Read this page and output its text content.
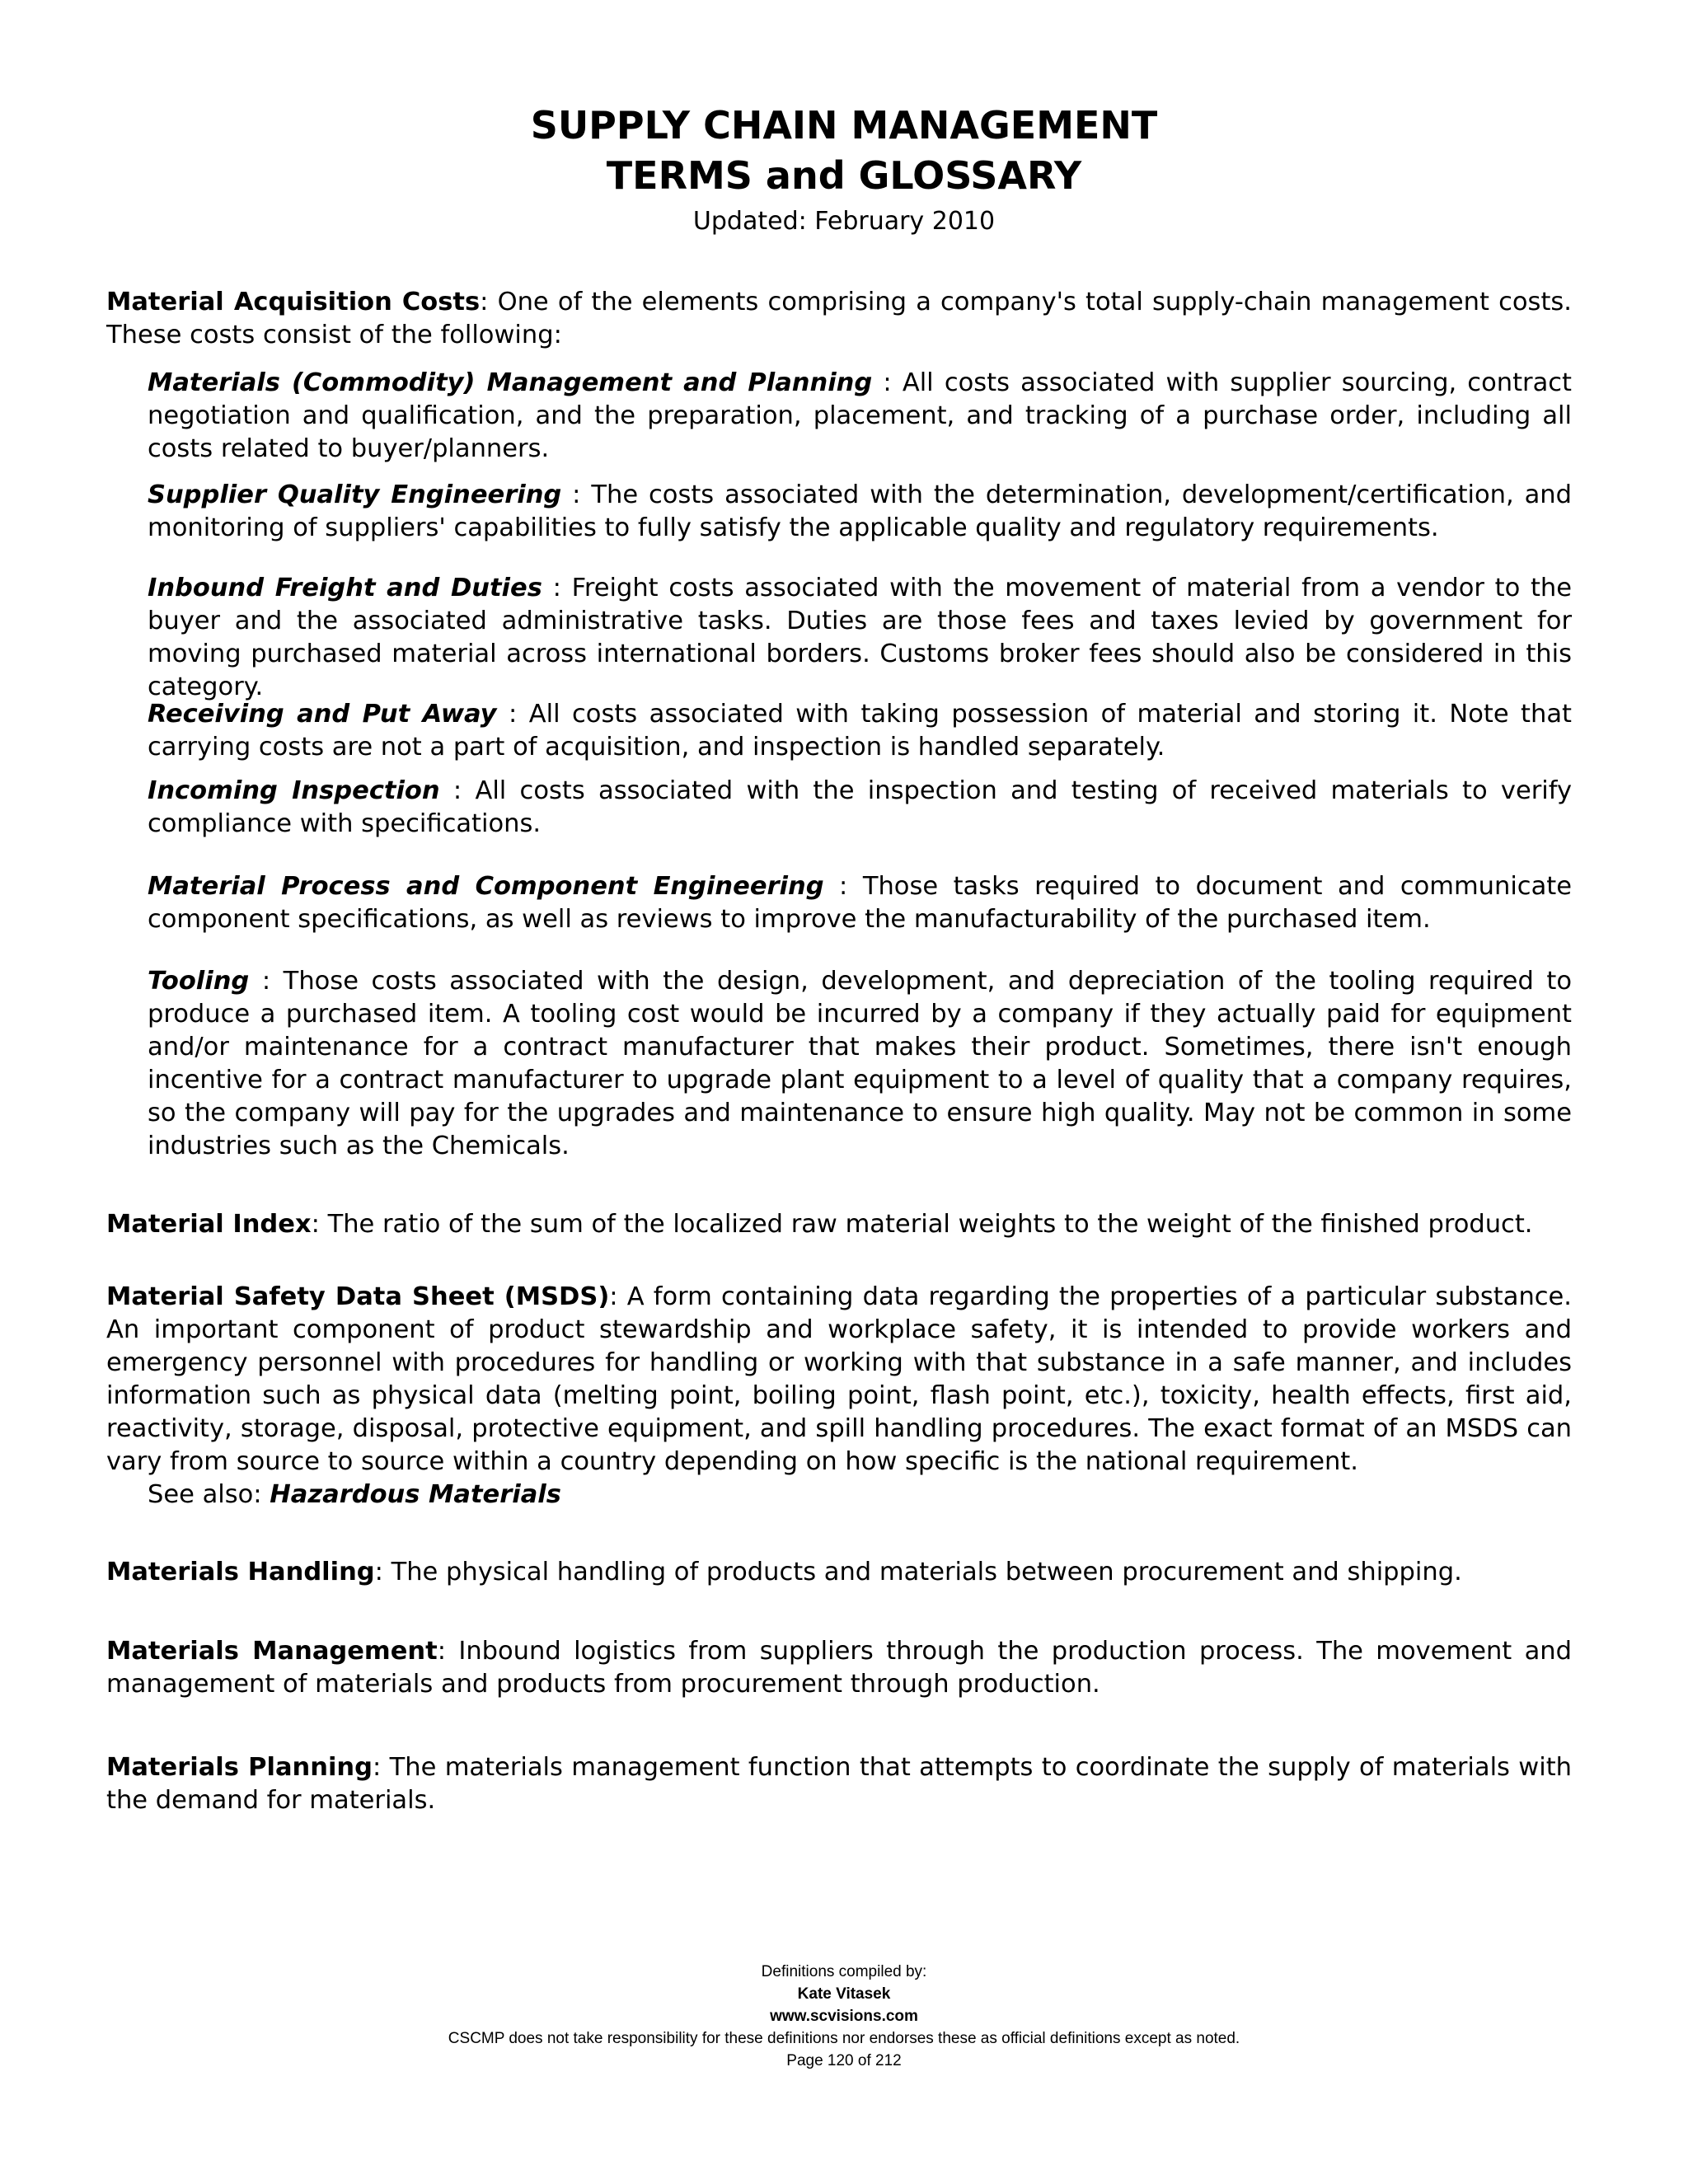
SUPPLY CHAIN MANAGEMENT
TERMS and GLOSSARY
Updated: February 2010
Material Acquisition Costs: One of the elements comprising a company's total supply-chain management costs. These costs consist of the following:
Materials (Commodity) Management and Planning : All costs associated with supplier sourcing, contract negotiation and qualification, and the preparation, placement, and tracking of a purchase order, including all costs related to buyer/planners.
Supplier Quality Engineering : The costs associated with the determination, development/certification, and monitoring of suppliers' capabilities to fully satisfy the applicable quality and regulatory requirements.
Inbound Freight and Duties : Freight costs associated with the movement of material from a vendor to the buyer and the associated administrative tasks. Duties are those fees and taxes levied by government for moving purchased material across international borders. Customs broker fees should also be considered in this category.
Receiving and Put Away : All costs associated with taking possession of material and storing it. Note that carrying costs are not a part of acquisition, and inspection is handled separately.
Incoming Inspection : All costs associated with the inspection and testing of received materials to verify compliance with specifications.
Material Process and Component Engineering : Those tasks required to document and communicate component specifications, as well as reviews to improve the manufacturability of the purchased item.
Tooling : Those costs associated with the design, development, and depreciation of the tooling required to produce a purchased item. A tooling cost would be incurred by a company if they actually paid for equipment and/or maintenance for a contract manufacturer that makes their product. Sometimes, there isn't enough incentive for a contract manufacturer to upgrade plant equipment to a level of quality that a company requires, so the company will pay for the upgrades and maintenance to ensure high quality. May not be common in some industries such as the Chemicals.
Material Index: The ratio of the sum of the localized raw material weights to the weight of the finished product.
Material Safety Data Sheet (MSDS): A form containing data regarding the properties of a particular substance. An important component of product stewardship and workplace safety, it is intended to provide workers and emergency personnel with procedures for handling or working with that substance in a safe manner, and includes information such as physical data (melting point, boiling point, flash point, etc.), toxicity, health effects, first aid, reactivity, storage, disposal, protective equipment, and spill handling procedures. The exact format of an MSDS can vary from source to source within a country depending on how specific is the national requirement.
See also: Hazardous Materials
Materials Handling: The physical handling of products and materials between procurement and shipping.
Materials Management: Inbound logistics from suppliers through the production process. The movement and management of materials and products from procurement through production.
Materials Planning: The materials management function that attempts to coordinate the supply of materials with the demand for materials.
Definitions compiled by:
Kate Vitasek
www.scvisions.com
CSCMP does not take responsibility for these definitions nor endorses these as official definitions except as noted.
Page 120 of 212
